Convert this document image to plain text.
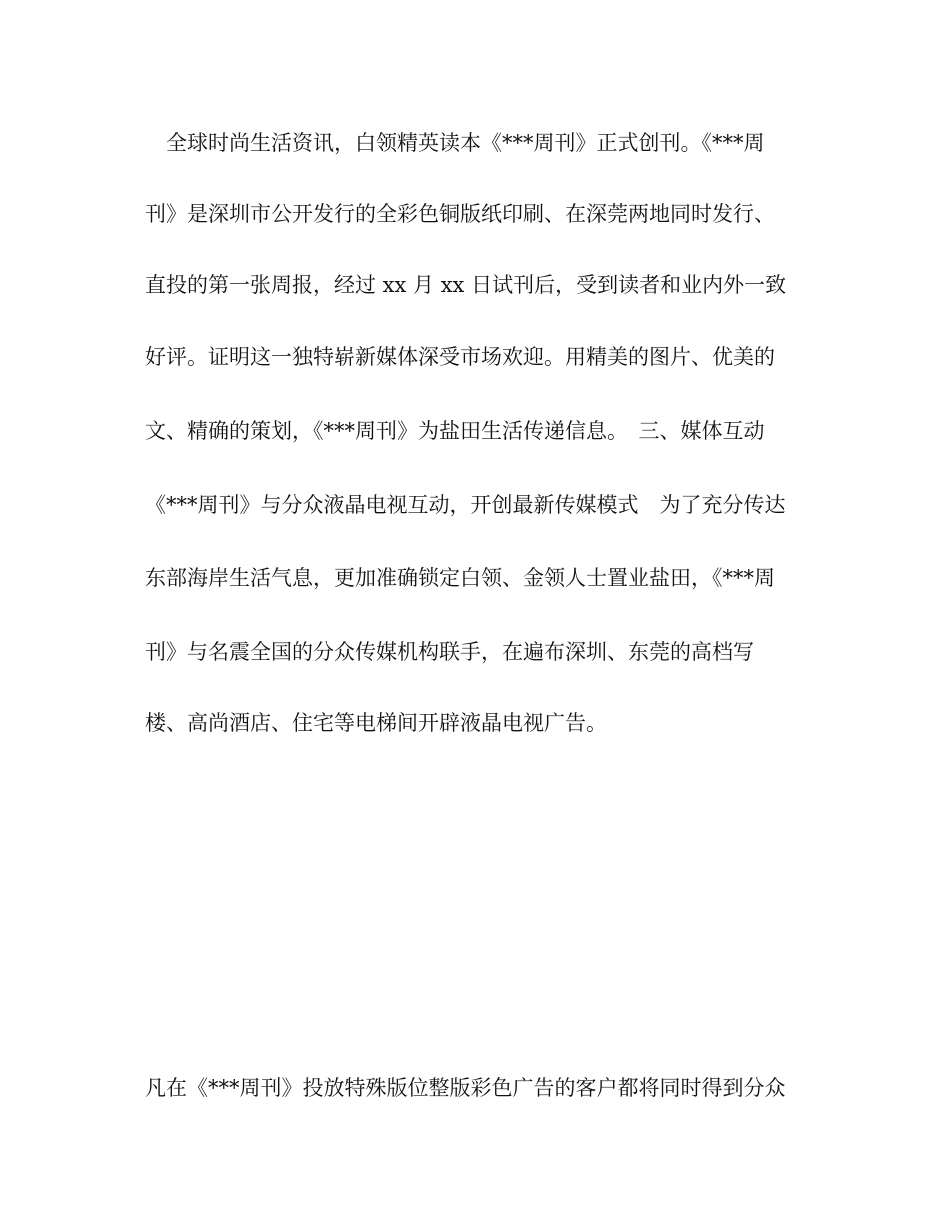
　全球时尚生活资讯，白领精英读本《***周刊》正式创刊。《***周
刊》是深圳市公开发行的全彩色铜版纸印刷、在深莞两地同时发行、
直投的第一张周报，经过 xx 月 xx 日试刊后，受到读者和业内外一致
好评。证明这一独特崭新媒体深受市场欢迎。用精美的图片、优美的
文、精确的策划，《***周刊》为盐田生活传递信息。　三、媒体互动
《***周刊》与分众液晶电视互动，开创最新传媒模式　为了充分传达
东部海岸生活气息，更加准确锁定白领、金领人士置业盐田，《***周
刊》与名震全国的分众传媒机构联手，在遍布深圳、东莞的高档写
楼、高尚酒店、住宅等电梯间开辟液晶电视广告。
凡在《***周刊》投放特殊版位整版彩色广告的客户都将同时得到分众
